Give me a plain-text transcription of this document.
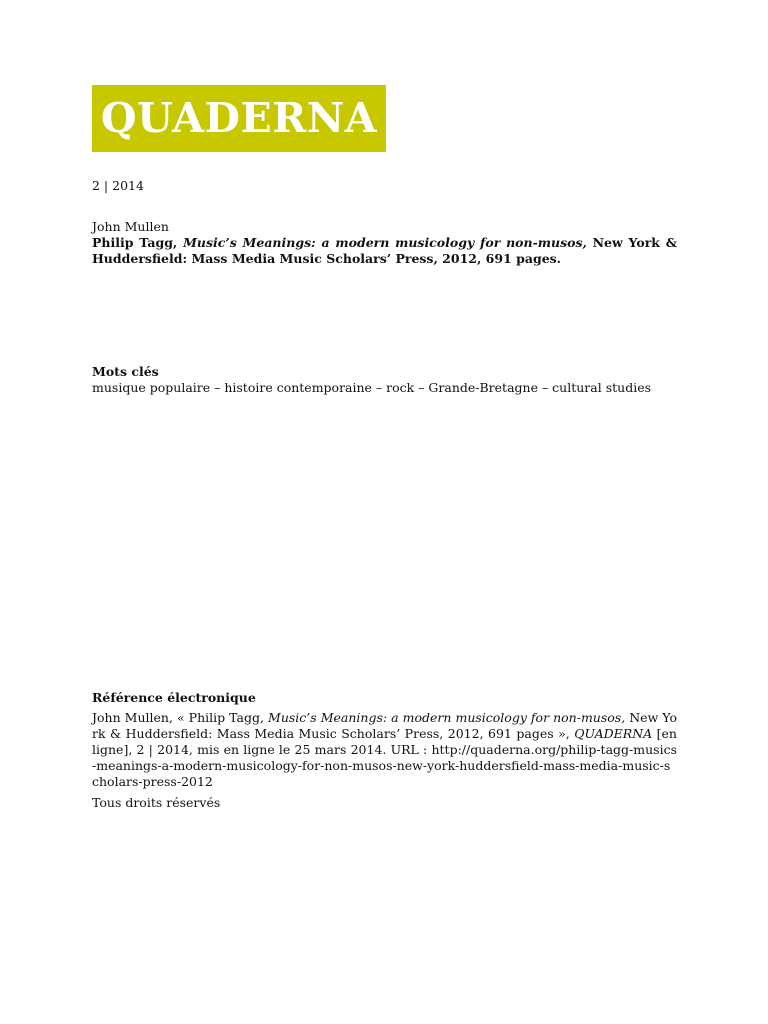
QUADERNA
2 | 2014
John Mullen
Philip Tagg, Music’s Meanings: a modern musicology for non-musos, New York & Huddersfield: Mass Media Music Scholars’ Press, 2012, 691 pages.
Mots clés
musique populaire – histoire contemporaine – rock – Grande-Bretagne – cultural studies
Référence électronique
John Mullen, « Philip Tagg, Music’s Meanings: a modern musicology for non-musos, New York & Huddersfield: Mass Media Music Scholars’ Press, 2012, 691 pages », QUADERNA [en ligne], 2 | 2014, mis en ligne le 25 mars 2014. URL : http://quaderna.org/philip-tagg-musics-meanings-a-modern-musicology-for-non-musos-new-york-huddersfield-mass-media-music-scholars-press-2012
Tous droits réservés
